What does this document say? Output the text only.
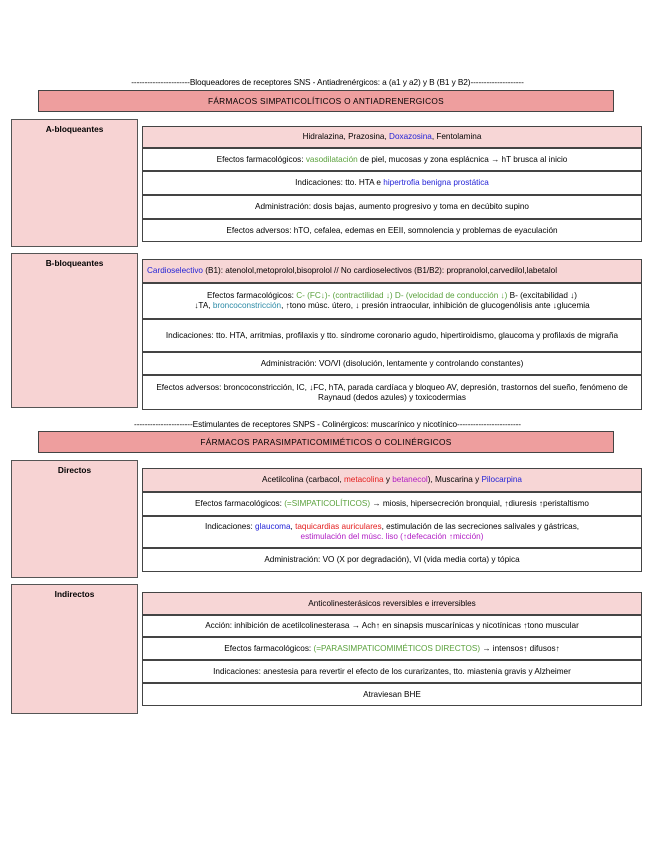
----------------------Bloqueadores de receptores SNS - Antiadrenérgicos: a (a1 y a2) y B (B1 y B2)--------------------
FÁRMACOS SIMPATICOLÍTICOS O ANTIADRENERGICOS
A-bloqueantes
Hidralazina, Prazosina, Doxazosina, Fentolamina
Efectos farmacológicos: vasodilatación de piel, mucosas y zona esplácnica → hT brusca al inicio
Indicaciones: tto. HTA e hipertrofia benigna prostática
Administración: dosis bajas, aumento progresivo y toma en decúbito supino
Efectos adversos: hTO, cefalea, edemas en EEII, somnolencia y problemas de eyaculación
B-bloqueantes
Cardioselectivo (B1): atenolol,metoprolol,bisoprolol // No cardioselectivos (B1/B2): propranolol,carvedilol,labetalol
Efectos farmacológicos: C- (FC↓)- (contractilidad ↓) D- (velocidad de conducción ↓) B- (excitabilidad ↓)
↓TA, broncoconstricción, ↑tono músc. útero, ↓ presión intraocular, inhibición de glucogenólisis ante ↓glucemia
Indicaciones: tto. HTA, arritmias, profilaxis y tto. síndrome coronario agudo, hipertiroidismo, glaucoma y profilaxis de migraña
Administración: VO/VI (disolución, lentamente y controlando constantes)
Efectos adversos: broncoconstricción, IC, ↓FC, hTA, parada cardíaca y bloqueo AV, depresión, trastornos del sueño, fenómeno de Raynaud (dedos azules) y toxicodermias
----------------------Estimulantes de receptores SNPS - Colinérgicos: muscarínico y nicotínico------------------------
FÁRMACOS PARASIMPATICOMIMÉTICOS O COLINÉRGICOS
Directos
Acetilcolina (carbacol, metacolina y betanecol), Muscarina y Pilocarpina
Efectos farmacológicos: (=SIMPATICOLÍTICOS) → miosis, hipersecreción bronquial, ↑diuresis ↑peristaltismo
Indicaciones: glaucoma, taquicardias auriculares, estimulación de las secreciones salivales y gástricas,
estimulación del músc. liso (↑defecación ↑micción)
Administración: VO (X por degradación), VI (vida media corta) y tópica
Indirectos
Anticolinesterásicos reversibles e irreversibles
Acción: inhibición de acetilcolinesterasa → Ach↑ en sinapsis muscarínicas y nicotínicas ↑tono muscular
Efectos farmacológicos: (=PARASIMPATICOMIMÉTICOS DIRECTOS) → intensos↑ difusos↑
Indicaciones: anestesia para revertir el efecto de los curarizantes, tto. miastenia gravis y Alzheimer
Atraviesan BHE
